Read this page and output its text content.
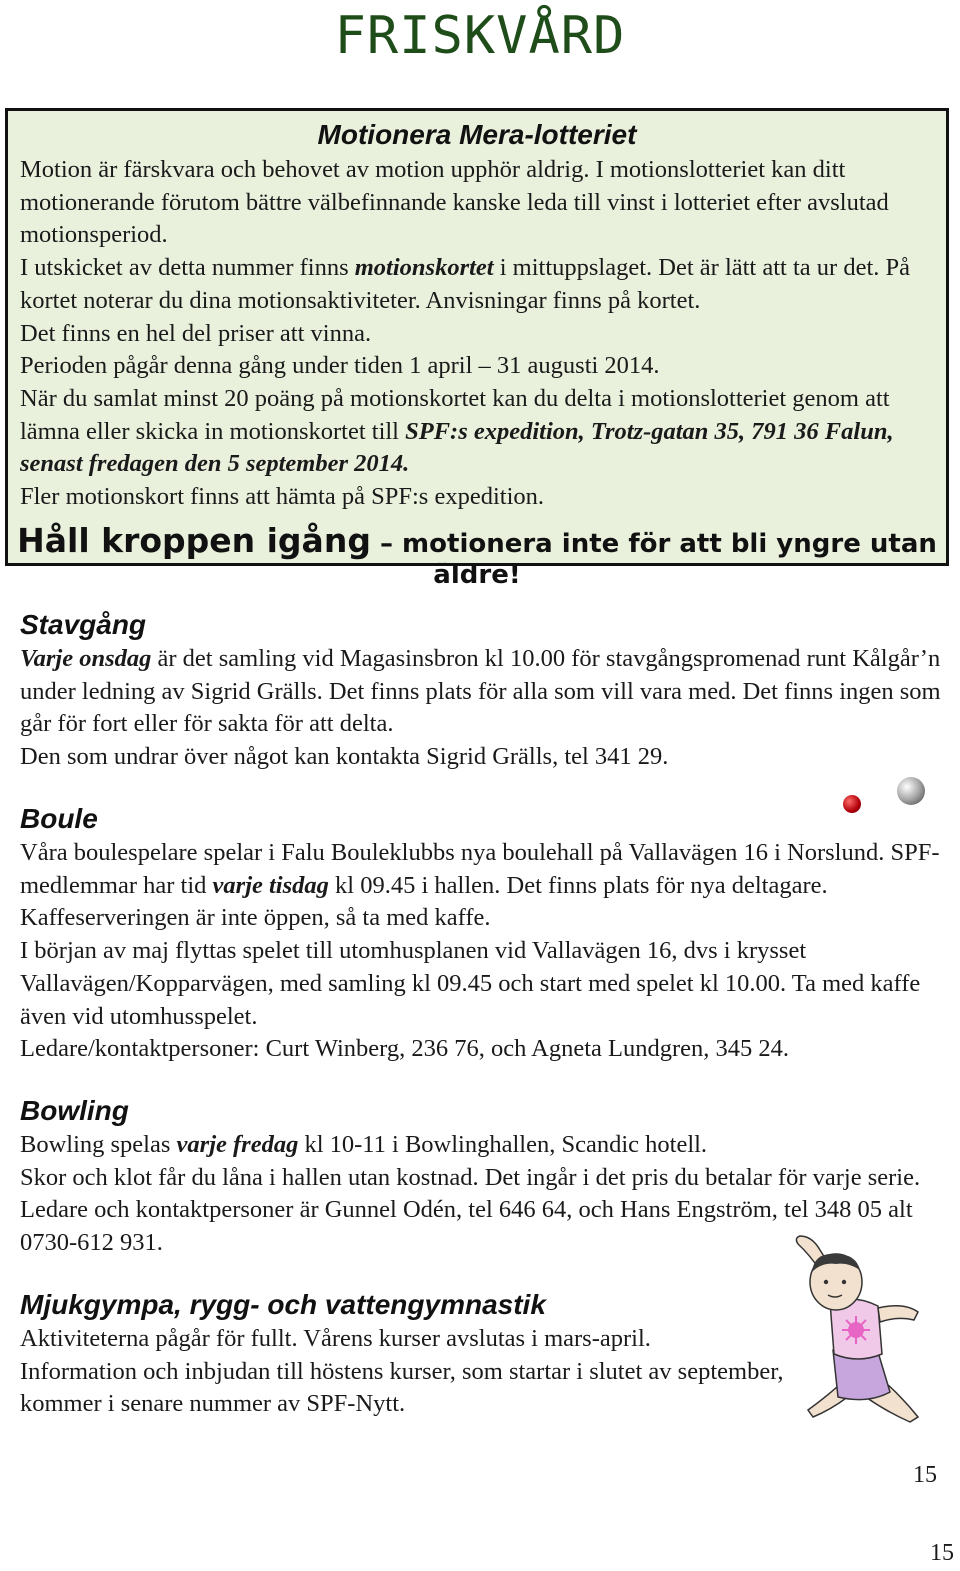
FRISKVÅRD
Motionera Mera-lotteriet

Motion är färskvara och behovet av motion upphör aldrig. I motionslotteriet kan ditt motionerande förutom bättre välbefinnande kanske leda till vinst i lotteriet efter avslutad motionsperiod.

I utskicket av detta nummer finns motionskortet i mittuppslaget. Det är lätt att ta ur det. På kortet noterar du dina motionsaktiviteter. Anvisningar finns på kortet.

Det finns en hel del priser att vinna.

Perioden pågår denna gång under tiden 1 april – 31 augusti 2014.

När du samlat minst 20 poäng på motionskortet kan du delta i motionslotteriet genom att lämna eller skicka in motionskortet till SPF:s expedition, Trotz-gatan 35, 791 36 Falun, senast fredagen den 5 september 2014.

Fler motionskort finns att hämta på SPF:s expedition.

Håll kroppen igång – motionera inte för att bli yngre utan äldre!
Stavgång

Varje onsdag är det samling vid Magasinsbron kl 10.00 för stavgångspromenad runt Kålgår’n under ledning av Sigrid Grälls. Det finns plats för alla som vill vara med. Det finns ingen som går för fort eller för sakta för att delta.

Den som undrar över något kan kontakta Sigrid Grälls, tel 341 29.

Boule

Våra boulespelare spelar i Falu Bouleklubbs nya boulehall på Vallavägen 16 i Norslund. SPF-medlemmar har tid varje tisdag kl 09.45 i hallen. Det finns plats för nya deltagare. Kaffeserveringen är inte öppen, så ta med kaffe.

I början av maj flyttas spelet till utomhusplanen vid Vallavägen 16, dvs i krysset Vallavägen/Kopparvägen, med samling kl 09.45 och start med spelet kl 10.00. Ta med kaffe även vid utomhusspelet.

Ledare/kontaktpersoner: Curt Winberg, 236 76, och Agneta Lundgren, 345 24.

Bowling

Bowling spelas varje fredag kl 10-11 i Bowlinghallen, Scandic hotell.

Skor och klot får du låna i hallen utan kostnad. Det ingår i det pris du betalar för varje serie. Ledare och kontaktpersoner är Gunnel Odén, tel 646 64, och Hans Engström, tel 348 05 alt 0730-612 931.

Mjukgympa, rygg- och vattengymnastik

Aktiviteterna pågår för fullt. Vårens kurser avslutas i mars-april.

Information och inbjudan till höstens kurser, som startar i slutet av september, kommer i senare nummer av SPF-Nytt.

15
15
